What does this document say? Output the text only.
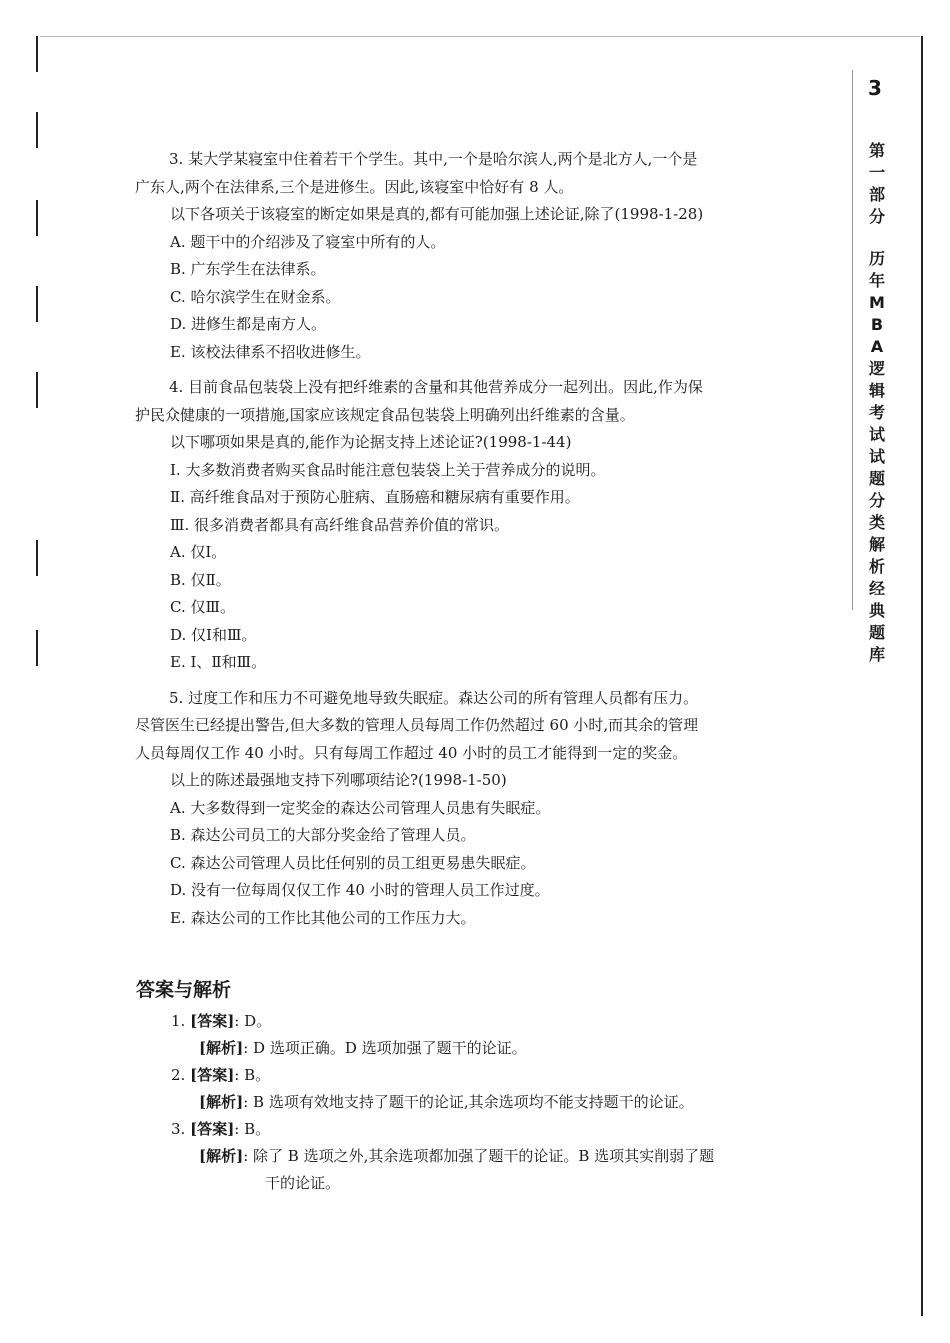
3
第一部分
历年MBA逻辑考试试题分类解析经典题库

3. 某大学某寝室中住着若干个学生。其中,一个是哈尔滨人,两个是北方人,一个是

广东人,两个在法律系,三个是进修生。因此,该寝室中恰好有 8 人。

以下各项关于该寝室的断定如果是真的,都有可能加强上述论证,除了(1998-1-28)

A. 题干中的介绍涉及了寝室中所有的人。

B. 广东学生在法律系。

C. 哈尔滨学生在财金系。

D. 进修生都是南方人。

E. 该校法律系不招收进修生。

4. 目前食品包装袋上没有把纤维素的含量和其他营养成分一起列出。因此,作为保

护民众健康的一项措施,国家应该规定食品包装袋上明确列出纤维素的含量。

以下哪项如果是真的,能作为论据支持上述论证?(1998-1-44)

Ⅰ. 大多数消费者购买食品时能注意包装袋上关于营养成分的说明。

Ⅱ. 高纤维食品对于预防心脏病、直肠癌和糖尿病有重要作用。

Ⅲ. 很多消费者都具有高纤维食品营养价值的常识。

A. 仅Ⅰ。

B. 仅Ⅱ。

C. 仅Ⅲ。

D. 仅Ⅰ和Ⅲ。

E. Ⅰ、Ⅱ和Ⅲ。

5. 过度工作和压力不可避免地导致失眠症。森达公司的所有管理人员都有压力。

尽管医生已经提出警告,但大多数的管理人员每周工作仍然超过 60 小时,而其余的管理

人员每周仅工作 40 小时。只有每周工作超过 40 小时的员工才能得到一定的奖金。

以上的陈述最强地支持下列哪项结论?(1998-1-50)

A. 大多数得到一定奖金的森达公司管理人员患有失眠症。

B. 森达公司员工的大部分奖金给了管理人员。

C. 森达公司管理人员比任何别的员工组更易患失眠症。

D. 没有一位每周仅仅工作 40 小时的管理人员工作过度。

E. 森达公司的工作比其他公司的工作压力大。

答案与解析

1. [答案]: D。

[解析]: D 选项正确。D 选项加强了题干的论证。

2. [答案]: B。

[解析]: B 选项有效地支持了题干的论证,其余选项均不能支持题干的论证。

3. [答案]: B。

[解析]: 除了 B 选项之外,其余选项都加强了题干的论证。B 选项其实削弱了题

干的论证。
